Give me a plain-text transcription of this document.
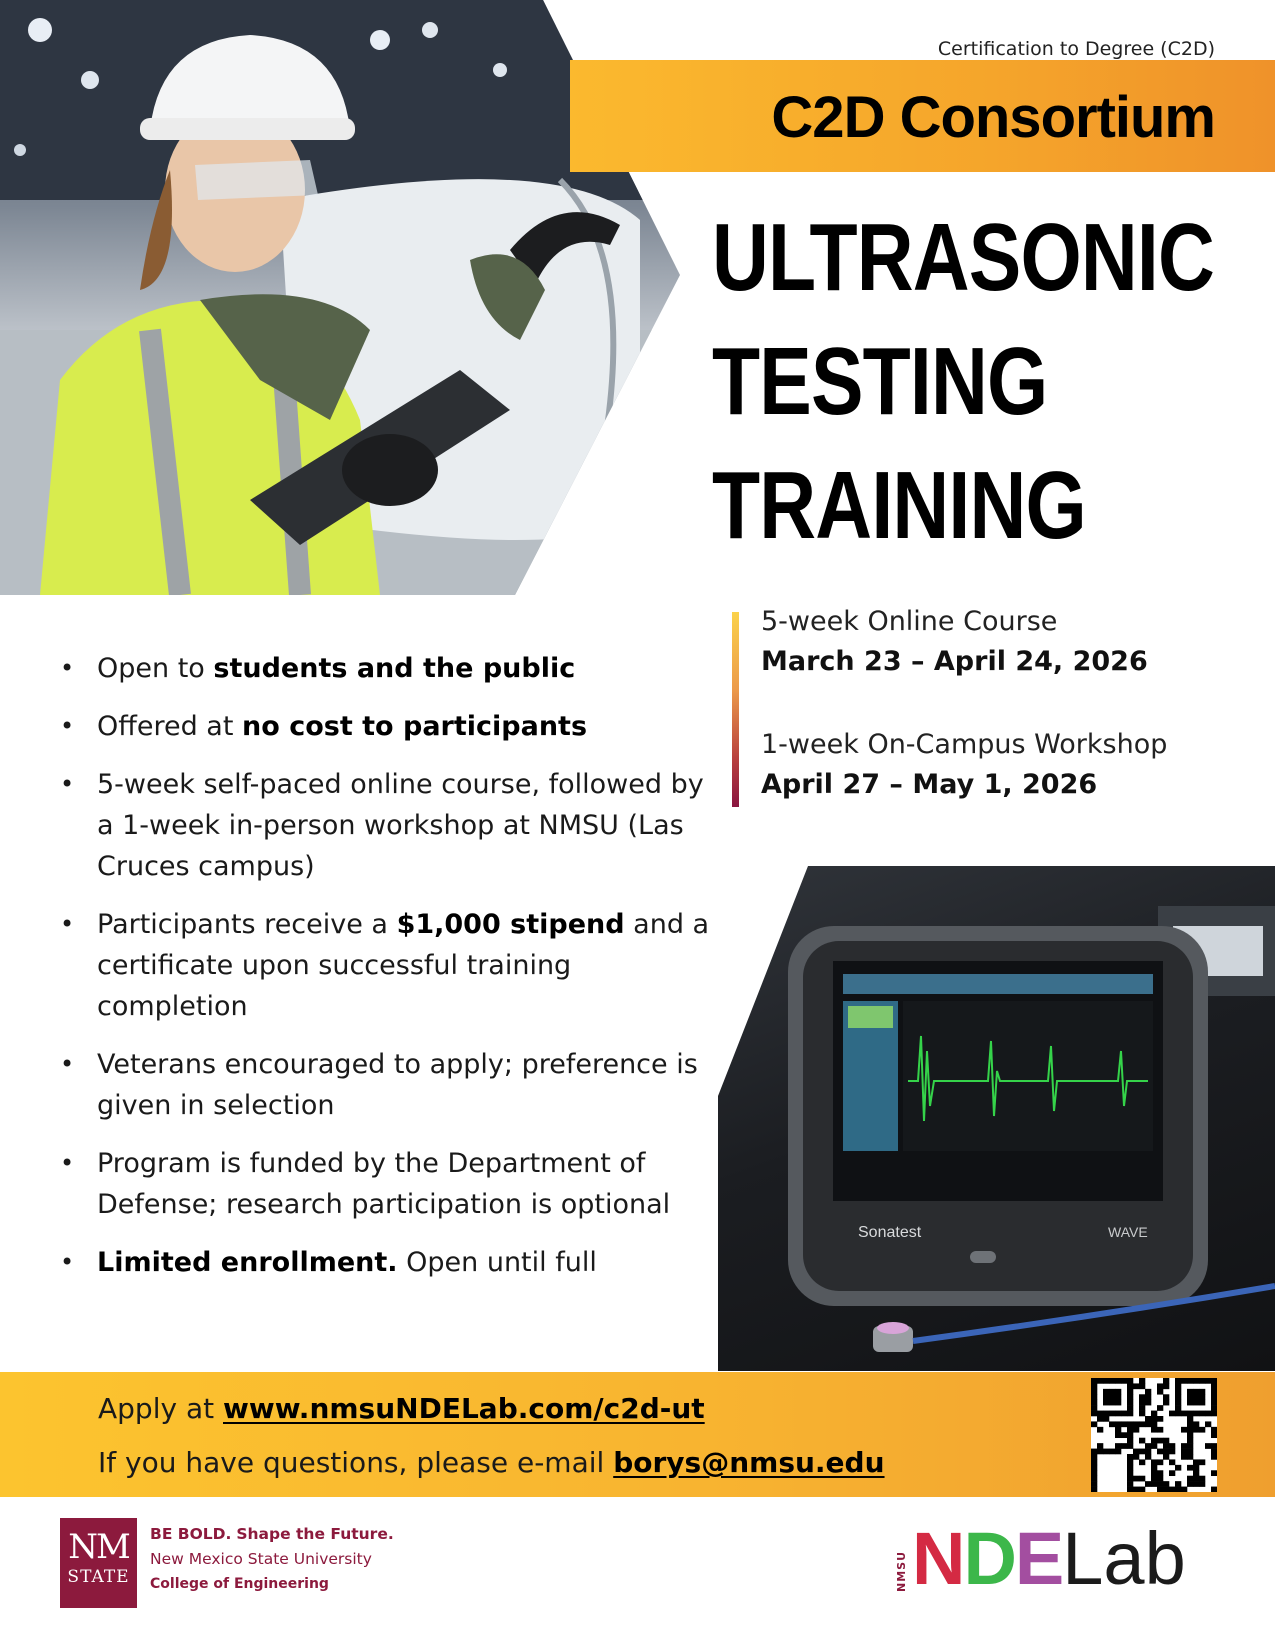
Certification to Degree (C2D)
C2D Consortium
ULTRASONIC
TESTING
TRAINING
5-week Online Course
March 23 – April 24, 2026
1-week On-Campus Workshop
April 27 – May 1, 2026
• Open to students and the public
• Offered at no cost to participants
• 5-week self-paced online course, followed by a 1-week in-person workshop at NMSU (Las Cruces campus)
• Participants receive a $1,000 stipend and a certificate upon successful training completion
• Veterans encouraged to apply; preference is given in selection
• Program is funded by the Department of Defense; research participation is optional
• Limited enrollment. Open until full
Sonatest	WAVE
Apply at www.nmsuNDELab.com/c2d-ut
If you have questions, please e-mail borys@nmsu.edu
NM
STATE
BE BOLD. Shape the Future.
New Mexico State University
College of Engineering	NMSU NDELab
